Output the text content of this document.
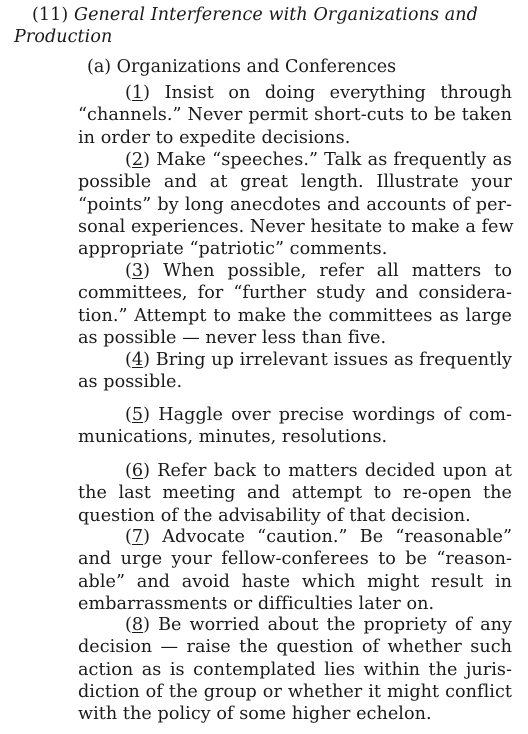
(11) General Interference with Organizations and
Production
(a) Organizations and Conferences
(1) Insist on doing everything through
“channels.” Never permit short-cuts to be taken
in order to expedite decisions.
(2) Make “speeches.” Talk as frequently as
possible and at great length. Illustrate your
“points” by long anecdotes and accounts of per-
sonal experiences. Never hesitate to make a few
appropriate “patriotic” comments.
(3) When possible, refer all matters to
committees, for “further study and considera-
tion.” Attempt to make the committees as large
as possible — never less than five.
(4) Bring up irrelevant issues as frequently
as possible.
(5) Haggle over precise wordings of com-
munications, minutes, resolutions.
(6) Refer back to matters decided upon at
the last meeting and attempt to re-open the
question of the advisability of that decision.
(7) Advocate “caution.” Be “reasonable”
and urge your fellow-conferees to be “reason-
able” and avoid haste which might result in
embarrassments or difficulties later on.
(8) Be worried about the propriety of any
decision — raise the question of whether such
action as is contemplated lies within the juris-
diction of the group or whether it might conflict
with the policy of some higher echelon.
